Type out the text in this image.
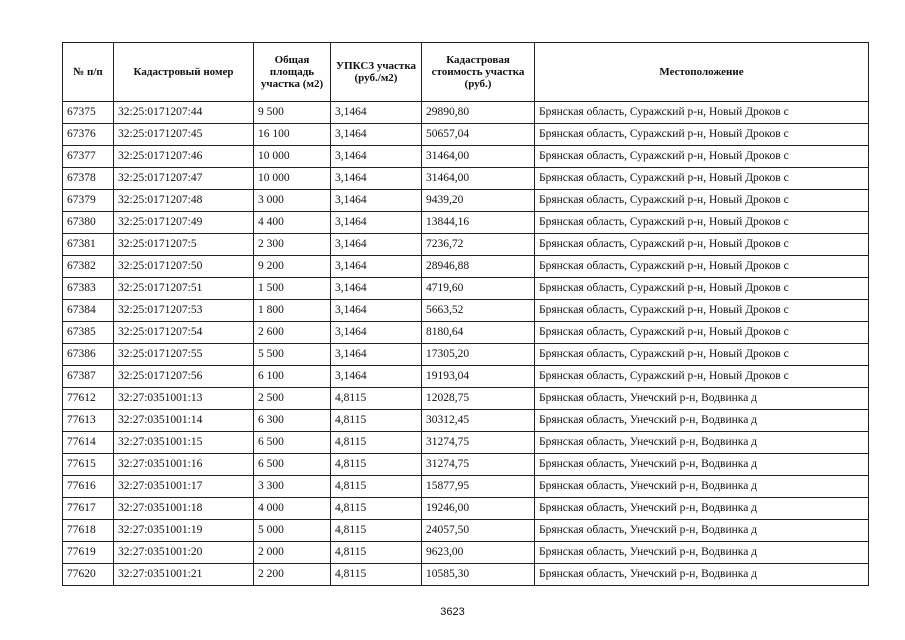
№ п/п	Кадастровый номер	Общая площадь участка (м2)	УПКСЗ участка (руб./м2)	Кадастровая стоимость участка (руб.)	Местоположение
67375	32:25:0171207:44	9 500	3,1464	29890,80	Брянская область, Суражский р-н, Новый Дроков с
67376	32:25:0171207:45	16 100	3,1464	50657,04	Брянская область, Суражский р-н, Новый Дроков с
67377	32:25:0171207:46	10 000	3,1464	31464,00	Брянская область, Суражский р-н, Новый Дроков с
67378	32:25:0171207:47	10 000	3,1464	31464,00	Брянская область, Суражский р-н, Новый Дроков с
67379	32:25:0171207:48	3 000	3,1464	9439,20	Брянская область, Суражский р-н, Новый Дроков с
67380	32:25:0171207:49	4 400	3,1464	13844,16	Брянская область, Суражский р-н, Новый Дроков с
67381	32:25:0171207:5	2 300	3,1464	7236,72	Брянская область, Суражский р-н, Новый Дроков с
67382	32:25:0171207:50	9 200	3,1464	28946,88	Брянская область, Суражский р-н, Новый Дроков с
67383	32:25:0171207:51	1 500	3,1464	4719,60	Брянская область, Суражский р-н, Новый Дроков с
67384	32:25:0171207:53	1 800	3,1464	5663,52	Брянская область, Суражский р-н, Новый Дроков с
67385	32:25:0171207:54	2 600	3,1464	8180,64	Брянская область, Суражский р-н, Новый Дроков с
67386	32:25:0171207:55	5 500	3,1464	17305,20	Брянская область, Суражский р-н, Новый Дроков с
67387	32:25:0171207:56	6 100	3,1464	19193,04	Брянская область, Суражский р-н, Новый Дроков с
77612	32:27:0351001:13	2 500	4,8115	12028,75	Брянская область, Унечский р-н, Водвинка д
77613	32:27:0351001:14	6 300	4,8115	30312,45	Брянская область, Унечский р-н, Водвинка д
77614	32:27:0351001:15	6 500	4,8115	31274,75	Брянская область, Унечский р-н, Водвинка д
77615	32:27:0351001:16	6 500	4,8115	31274,75	Брянская область, Унечский р-н, Водвинка д
77616	32:27:0351001:17	3 300	4,8115	15877,95	Брянская область, Унечский р-н, Водвинка д
77617	32:27:0351001:18	4 000	4,8115	19246,00	Брянская область, Унечский р-н, Водвинка д
77618	32:27:0351001:19	5 000	4,8115	24057,50	Брянская область, Унечский р-н, Водвинка д
77619	32:27:0351001:20	2 000	4,8115	9623,00	Брянская область, Унечский р-н, Водвинка д
77620	32:27:0351001:21	2 200	4,8115	10585,30	Брянская область, Унечский р-н, Водвинка д
3623
